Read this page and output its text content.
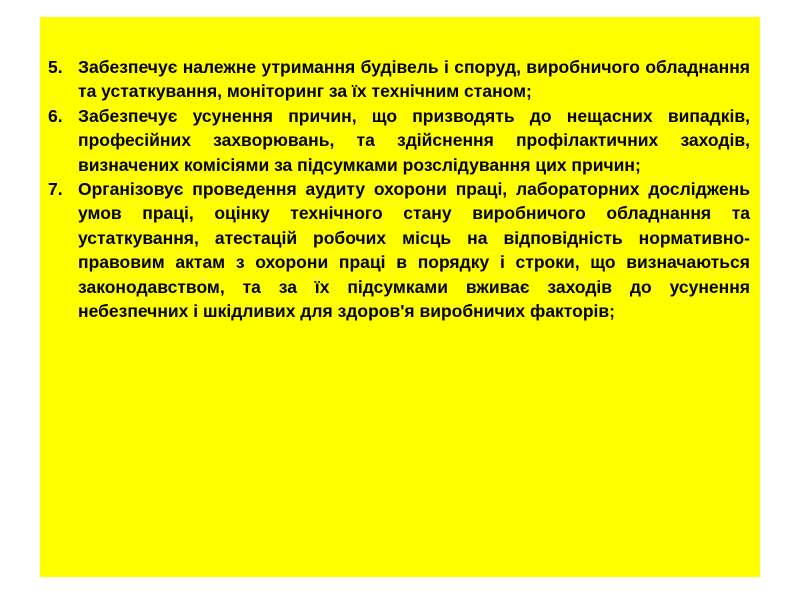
5. Забезпечує належне утримання будівель і споруд, виробничого обладнання та устаткування, моніторинг за їх технічним станом;
6. Забезпечує усунення причин, що призводять до нещасних випадків, професійних захворювань, та здійснення профілактичних заходів, визначених комісіями за підсумками розслідування цих причин;
7. Організовує проведення аудиту охорони праці, лабораторних досліджень умов праці, оцінку технічного стану виробничого обладнання та устаткування, атестацій робочих місць на відповідність нормативно-правовим актам з охорони праці в порядку і строки, що визначаються законодавством, та за їх підсумками вживає заходів до усунення небезпечних і шкідливих для здоров'я виробничих факторів;
